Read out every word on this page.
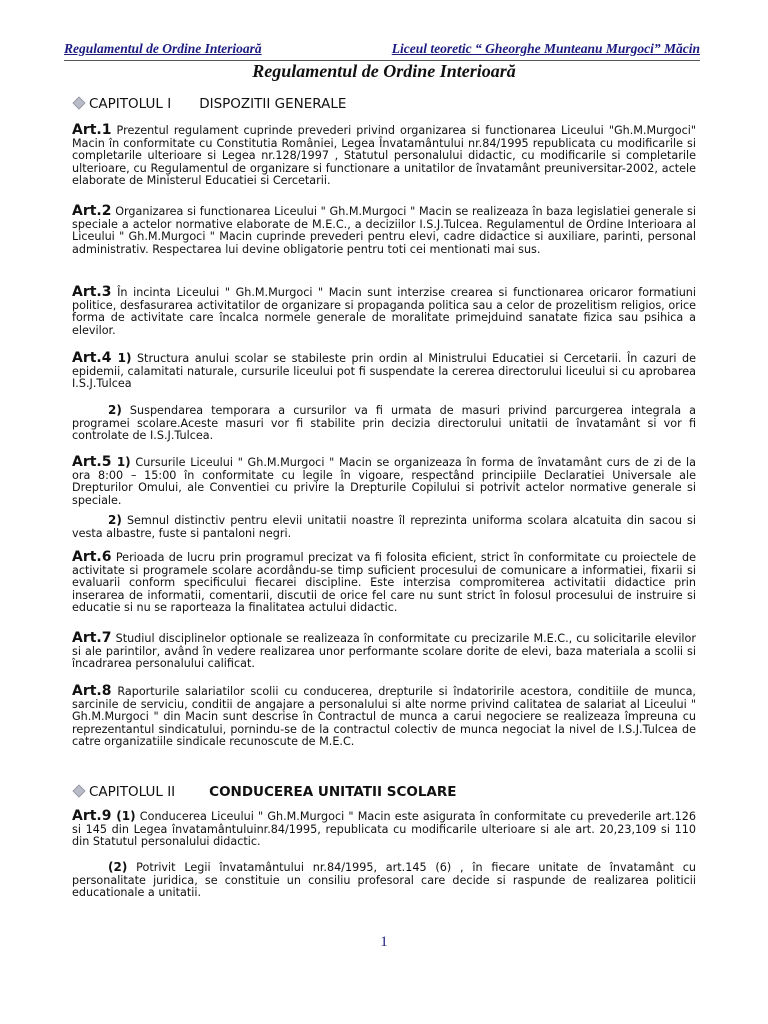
Regulamentul de Ordine Interioară	Liceul teoretic “ Gheorghe Munteanu Murgoci” Măcin
Regulamentul de Ordine Interioară
CAPITOLUL I DISPOZITII GENERALE

Art.1 Prezentul regulament cuprinde prevederi privind organizarea si functionarea Liceului "Gh.M.Murgoci" Macin în conformitate cu Constitutia României, Legea Învatamântului nr.84/1995 republicata cu modificarile si completarile ulterioare si Legea nr.128/1997 , Statutul personalului didactic, cu modificarile si completarile ulterioare, cu Regulamentul de organizare si functionare a unitatilor de învatamânt preuniversitar-2002, actele elaborate de Ministerul Educatiei si Cercetarii.

Art.2 Organizarea si functionarea Liceului " Gh.M.Murgoci " Macin se realizeaza în baza legislatiei generale si speciale a actelor normative elaborate de M.E.C., a deciziilor I.S.J.Tulcea. Regulamentul de Ordine Interioara al Liceului " Gh.M.Murgoci " Macin cuprinde prevederi pentru elevi, cadre didactice si auxiliare, parinti, personal administrativ. Respectarea lui devine obligatorie pentru toti cei mentionati mai sus.

Art.3 În incinta Liceului " Gh.M.Murgoci " Macin sunt interzise crearea si functionarea oricaror formatiuni politice, desfasurarea activitatilor de organizare si propaganda politica sau a celor de prozelitism religios, orice forma de activitate care încalca normele generale de moralitate primejduind sanatate fizica sau psihica a elevilor.

Art.4 1) Structura anului scolar se stabileste prin ordin al Ministrului Educatiei si Cercetarii. În cazuri de epidemii, calamitati naturale, cursurile liceului pot fi suspendate la cererea directorului liceului si cu aprobarea I.S.J.Tulcea

2) Suspendarea temporara a cursurilor va fi urmata de masuri privind parcurgerea integrala a programei scolare.Aceste masuri vor fi stabilite prin decizia directorului unitatii de învatamânt si vor fi controlate de I.S.J.Tulcea.

Art.5 1) Cursurile Liceului " Gh.M.Murgoci " Macin se organizeaza în forma de învatamânt curs de zi de la ora 8:00 – 15:00 în conformitate cu legile în vigoare, respectând principiile Declaratiei Universale ale Drepturilor Omului, ale Conventiei cu privire la Drepturile Copilului si potrivit actelor normative generale si speciale.

2) Semnul distinctiv pentru elevii unitatii noastre îl reprezinta uniforma scolara alcatuita din sacou si vesta albastre, fuste si pantaloni negri.

Art.6 Perioada de lucru prin programul precizat va fi folosita eficient, strict în conformitate cu proiectele de activitate si programele scolare acordându-se timp suficient procesului de comunicare a informatiei, fixarii si evaluarii conform specificului fiecarei discipline. Este interzisa compromiterea activitatii didactice prin inserarea de informatii, comentarii, discutii de orice fel care nu sunt strict în folosul procesului de instruire si educatie si nu se raporteaza la finalitatea actului didactic.

Art.7 Studiul disciplinelor optionale se realizeaza în conformitate cu precizarile M.E.C., cu solicitarile elevilor si ale parintilor, având în vedere realizarea unor performante scolare dorite de elevi, baza materiala a scolii si încadrarea personalului calificat.

Art.8 Raporturile salariatilor scolii cu conducerea, drepturile si îndatoririle acestora, conditiile de munca, sarcinile de serviciu, conditii de angajare a personalului si alte norme privind calitatea de salariat al Liceului " Gh.M.Murgoci " din Macin sunt descrise în Contractul de munca a carui negociere se realizeaza împreuna cu reprezentantul sindicatului, pornindu-se de la contractul colectiv de munca negociat la nivel de I.S.J.Tulcea de catre organizatiile sindicale recunoscute de M.E.C.

CAPITOLUL II	CONDUCEREA UNITATII SCOLARE

Art.9 (1) Conducerea Liceului " Gh.M.Murgoci " Macin este asigurata în conformitate cu prevederile art.126 si 145 din Legea învatamântuluinr.84/1995, republicata cu modificarile ulterioare si ale art. 20,23,109 si 110 din Statutul personalului didactic.

(2) Potrivit Legii învatamântului nr.84/1995, art.145 (6) , în fiecare unitate de învatamânt cu personalitate juridica, se constituie un consiliu profesoral care decide si raspunde de realizarea politicii educationale a unitatii.

1
